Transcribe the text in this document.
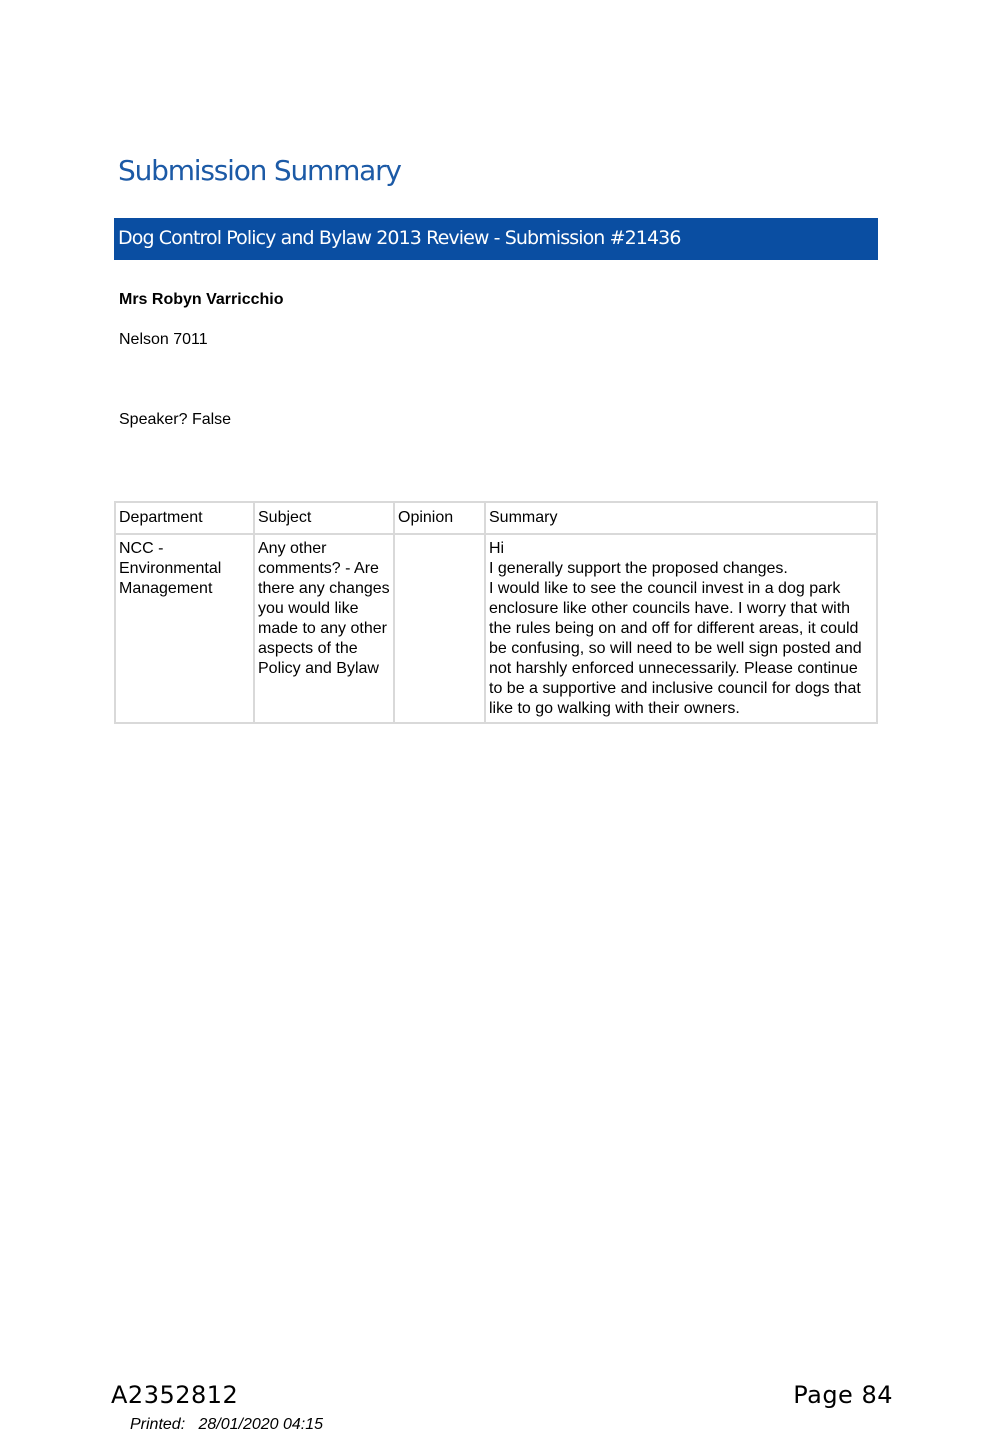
Submission Summary
Dog Control Policy and Bylaw 2013 Review - Submission #21436
Mrs Robyn Varricchio
Nelson 7011
Speaker? False
Department	Subject	Opinion	Summary
NCC - Environmental Management	Any other comments? - Are there any changes you would like made to any other aspects of the Policy and Bylaw		Hi
I generally support the proposed changes.
I would like to see the council invest in a dog park enclosure like other councils have. I worry that with the rules being on and off for different areas, it could be confusing, so will need to be well sign posted and not harshly enforced unnecessarily. Please continue to be a supportive and inclusive council for dogs that like to go walking with their owners.
A2352812	Page 84
Printed:   28/01/2020 04:15
